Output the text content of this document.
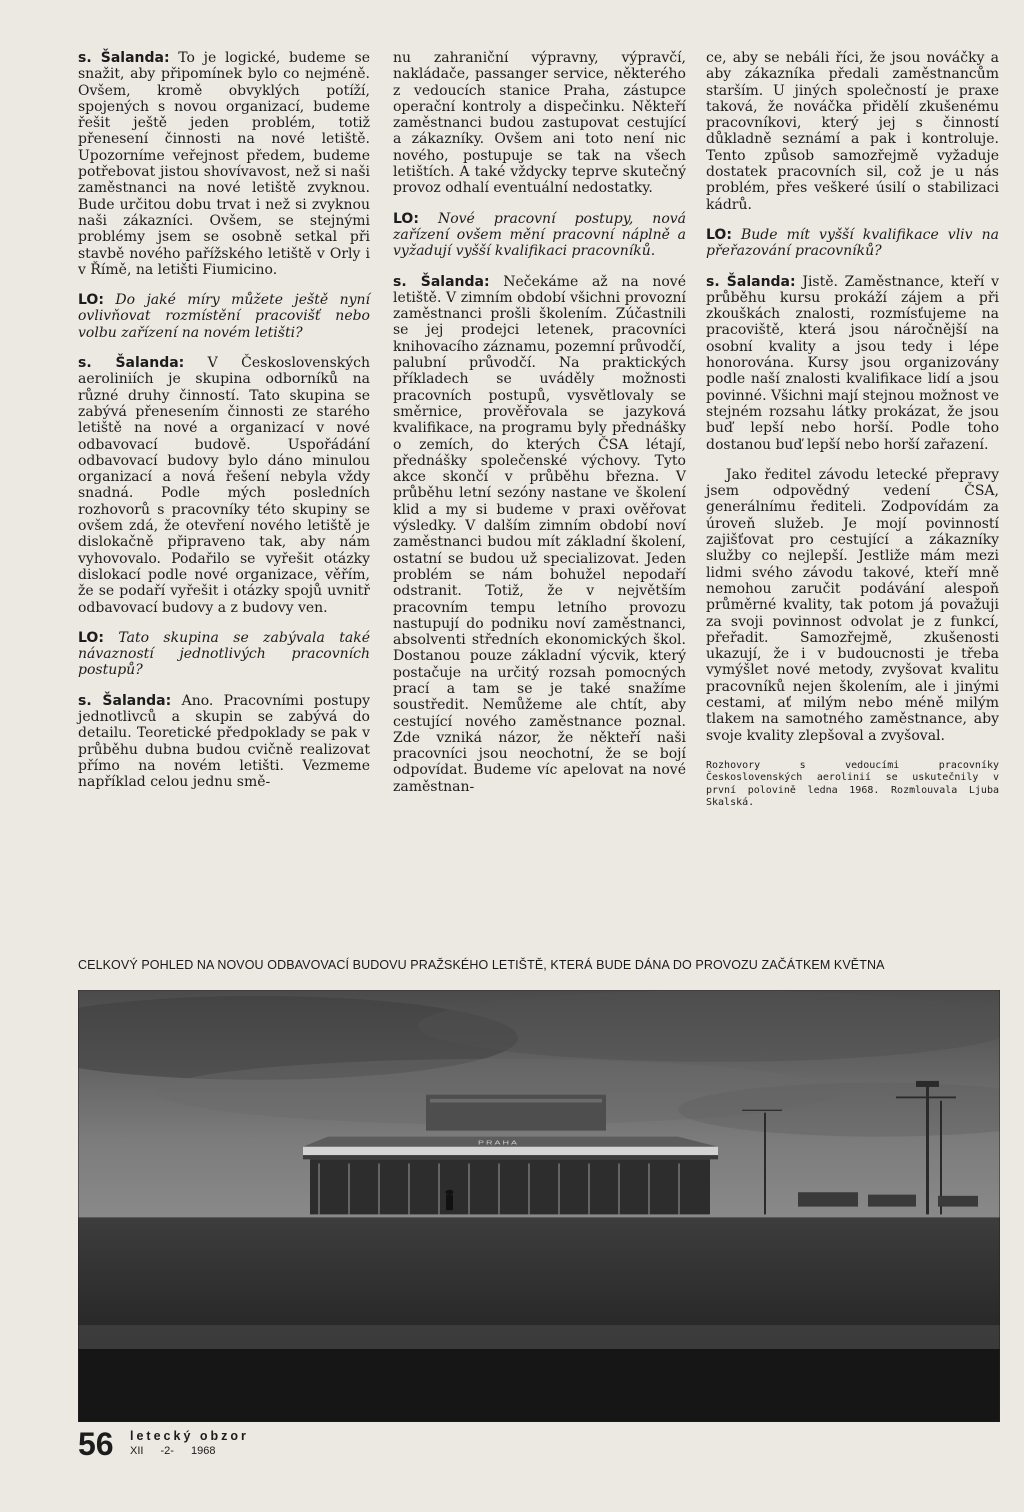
s. Šalanda: To je logické, budeme se snažit, aby připomínek bylo co nejméně. Ovšem, kromě obvyklých potíží, spojených s novou organizací, budeme řešit ještě jeden problém, totiž přenesení činnosti na nové letiště. Upozorníme veřejnost předem, budeme potřebovat jistou shovívavost, než si naši zaměstnanci na nové letiště zvyknou. Bude určitou dobu trvat i než si zvyknou naši zákazníci. Ovšem, se stejnými problémy jsem se osobně setkal při stavbě nového pařížského letiště v Orly i v Římě, na letišti Fiumicino.

LO: Do jaké míry můžete ještě nyní ovlivňovat rozmístění pracovišť nebo volbu zařízení na novém letišti?

s. Šalanda: V Československých aeroliniích je skupina odborníků na různé druhy činností. Tato skupina se zabývá přenesením činnosti ze starého letiště na nové a organizací v nové odbavovací budově. Uspořádání odbavovací budovy bylo dáno minulou organizací a nová řešení nebyla vždy snadná. Podle mých posledních rozhovorů s pracovníky této skupiny se ovšem zdá, že otevření nového letiště je dislokačně připraveno tak, aby nám vyhovovalo. Podařilo se vyřešit otázky dislokací podle nové organizace, věřím, že se podaří vyřešit i otázky spojů uvnitř odbavovací budovy a z budovy ven.

LO: Tato skupina se zabývala také návazností jednotlivých pracovních postupů?

s. Šalanda: Ano. Pracovními postupy jednotlivců a skupin se zabývá do detailu. Teoretické předpoklady se pak v průběhu dubna budou cvičně realizovat přímo na novém letišti. Vezmeme například celou jednu smě-

nu zahraniční výpravny, výpravčí, nakládače, passanger service, některého z vedoucích stanice Praha, zástupce operační kontroly a dispečinku. Někteří zaměstnanci budou zastupovat cestující a zákazníky. Ovšem ani toto není nic nového, postupuje se tak na všech letištích. A také vždycky teprve skutečný provoz odhalí eventuální nedostatky.

LO: Nové pracovní postupy, nová zařízení ovšem mění pracovní náplně a vyžadují vyšší kvalifikaci pracovníků.

s. Šalanda: Nečekáme až na nové letiště. V zimním období všichni provozní zaměstnanci prošli školením. Zúčastnili se jej prodejci letenek, pracovníci knihovacího záznamu, pozemní průvodčí, palubní průvodčí. Na praktických příkladech se uváděly možnosti pracovních postupů, vysvětlovaly se směrnice, prověřovala se jazyková kvalifikace, na programu byly přednášky o zemích, do kterých ČSA létají, přednášky společenské výchovy. Tyto akce skončí v průběhu března. V průběhu letní sezóny nastane ve školení klid a my si budeme v praxi ověřovat výsledky. V dalším zimním období noví zaměstnanci budou mít základní školení, ostatní se budou už specializovat. Jeden problém se nám bohužel nepodaří odstranit. Totiž, že v největším pracovním tempu letního provozu nastupují do podniku noví zaměstnanci, absolventi středních ekonomických škol. Dostanou pouze základní výcvik, který postačuje na určitý rozsah pomocných prací a tam se je také snažíme soustředit. Nemůžeme ale chtít, aby cestující nového zaměstnance poznal. Zde vzniká názor, že někteří naši pracovníci jsou neochotní, že se bojí odpovídat. Budeme víc apelovat na nové zaměstnan-

ce, aby se nebáli říci, že jsou nováčky a aby zákazníka předali zaměstnancům starším. U jiných společností je praxe taková, že nováčka přidělí zkušenému pracovníkovi, který jej s činností důkladně seznámí a pak i kontroluje. Tento způsob samozřejmě vyžaduje dostatek pracovních sil, což je u nás problém, přes veškeré úsilí o stabilizaci kádrů.

LO: Bude mít vyšší kvalifikace vliv na přeřazování pracovníků?

s. Šalanda: Jistě. Zaměstnance, kteří v průběhu kursu prokáží zájem a při zkouškách znalosti, rozmísťujeme na pracoviště, která jsou náročnější na osobní kvality a jsou tedy i lépe honorována. Kursy jsou organizovány podle naší znalosti kvalifikace lidí a jsou povinné. Všichni mají stejnou možnost ve stejném rozsahu látky prokázat, že jsou buď lepší nebo horší. Podle toho dostanou buď lepší nebo horší zařazení.

Jako ředitel závodu letecké přepravy jsem odpovědný vedení ČSA, generálnímu řediteli. Zodpovídám za úroveň služeb. Je mojí povinností zajišťovat pro cestující a zákazníky služby co nejlepší. Jestliže mám mezi lidmi svého závodu takové, kteří mně nemohou zaručit podávání alespoň průměrné kvality, tak potom já považuji za svoji povinnost odvolat je z funkcí, přeřadit. Samozřejmě, zkušenosti ukazují, že i v budoucnosti je třeba vymýšlet nové metody, zvyšovat kvalitu pracovníků nejen školením, ale i jinými cestami, ať milým nebo méně milým tlakem na samotného zaměstnance, aby svoje kvality zlepšoval a zvyšoval.

Rozhovory s vedoucími pracovníky Československých aerolinií se uskutečnily v první polovině ledna 1968. Rozmlouvala Ljuba Skalská.

CELKOVÝ POHLED NA NOVOU ODBAVOVACÍ BUDOVU PRAŽSKÉHO LETIŠTĚ, KTERÁ BUDE DÁNA DO PROVOZU ZAČÁTKEM KVĚTNA
PRAHA
56 letecký obzor
XII -2- 1968
